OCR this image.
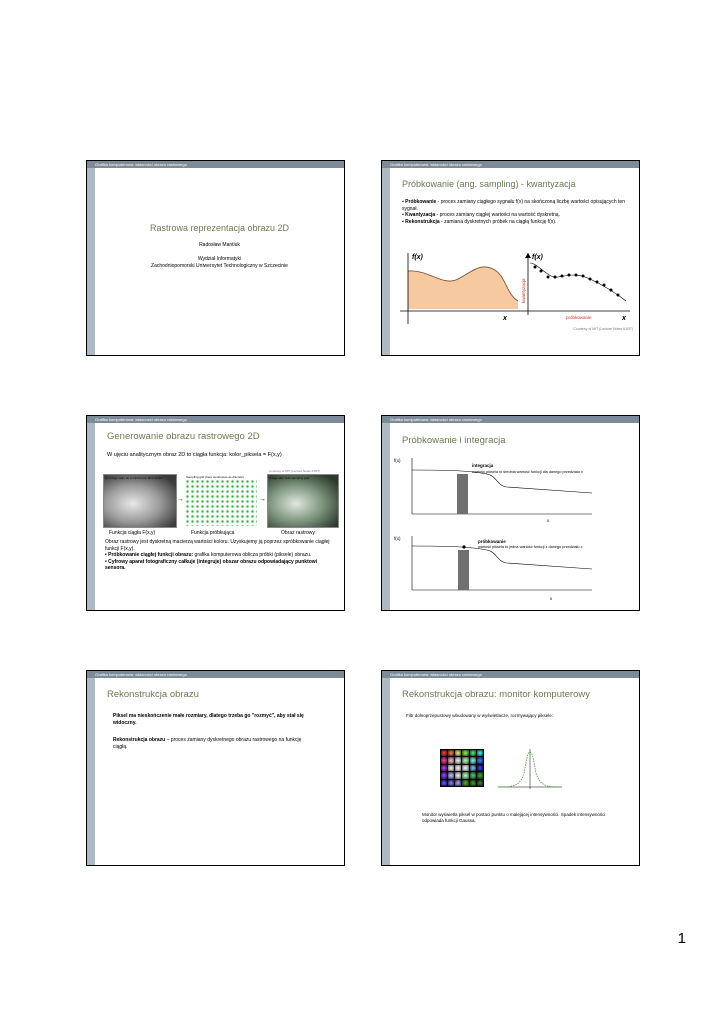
Grafika komputerowa: własności obrazu rastrowego
Rastrowa reprezentacja obrazu 2D
Radosław Mantiuk
Wydział Informatyki
Zachodniopomorski Uniwersytet Technologiczny w Szczecinie
Grafika komputerowa: własności obrazu rastrowego
Próbkowanie (ang. sampling) - kwantyzacja
▪ Próbkowanie - proces zamiany ciągłego sygnału f(x) na skończoną liczbę wartości opisujących ten sygnał.
▪ Kwantyzacja - proces zamiany ciągłej wartości na wartość dyskretną.
▪ Rekonstrukcja - zamiana dyskretnych próbek na ciągłą funkcję f(x).
f(x)
x
f(x)
x
kwantyzacja
próbkowanie
Courtesy of MIT (Lecture Notes 6.837)
Grafika komputerowa: własności obrazu rastrowego
Generowanie obrazu rastrowego 2D
W ujęciu analitycznym obraz 2D to ciągła funkcja: kolor_piksela = F(x,y)
An image seen as a continuous 2D function
→
Sampling grid (here continuous as discrete)
→
Image after bulk sampling grid
Courtesy of MIT (Lecture Notes 6.837)
Funkcja ciągła F(x,y)	Funkcja próbkująca	Obraz rastrowy
Obraz rastrowy jest dyskretną macierzą wartości koloru. Uzyskujemy ją poprzez spróbkowanie ciągłej funkcji F(x,y).
• Próbkowanie ciągłej funkcji obrazu: grafika komputerowa oblicza próbki (piksele) obrazu.
• Cyfrowy aparat fotograficzny całkuje (integruje) obszar obrazu odpowiadający punktowi sensora.
Grafika komputerowa: własności obrazu rastrowego
Próbkowanie i integracja
f(x)
x
integracja
wartość piksela to średnia wartość funkcji dla danego przedziału x
f(x)
x
próbkowanie
wartość piksela to jedna wartość funkcji z danego przedziału x
Grafika komputerowa: własności obrazu rastrowego
Rekonstrukcja obrazu
Piksel ma nieskończenie małe rozmiary, dlatego trzeba go "rozmyć", aby stał się widoczny.
Rekonstrukcja obrazu – proces zamiany dyskretnego obrazu rastrowego na funkcję ciągłą.
Grafika komputerowa: własności obrazu rastrowego
Rekonstrukcja obrazu: monitor komputerowy
Filtr dolnoprzepustowy wbudowany w wyświetlacze, rozmywający piksele:
Monitor wyświetla piksel w postaci punktu o malejącej intensywności. Spadek intensywności odpowiada funkcji Gaussa.
1
